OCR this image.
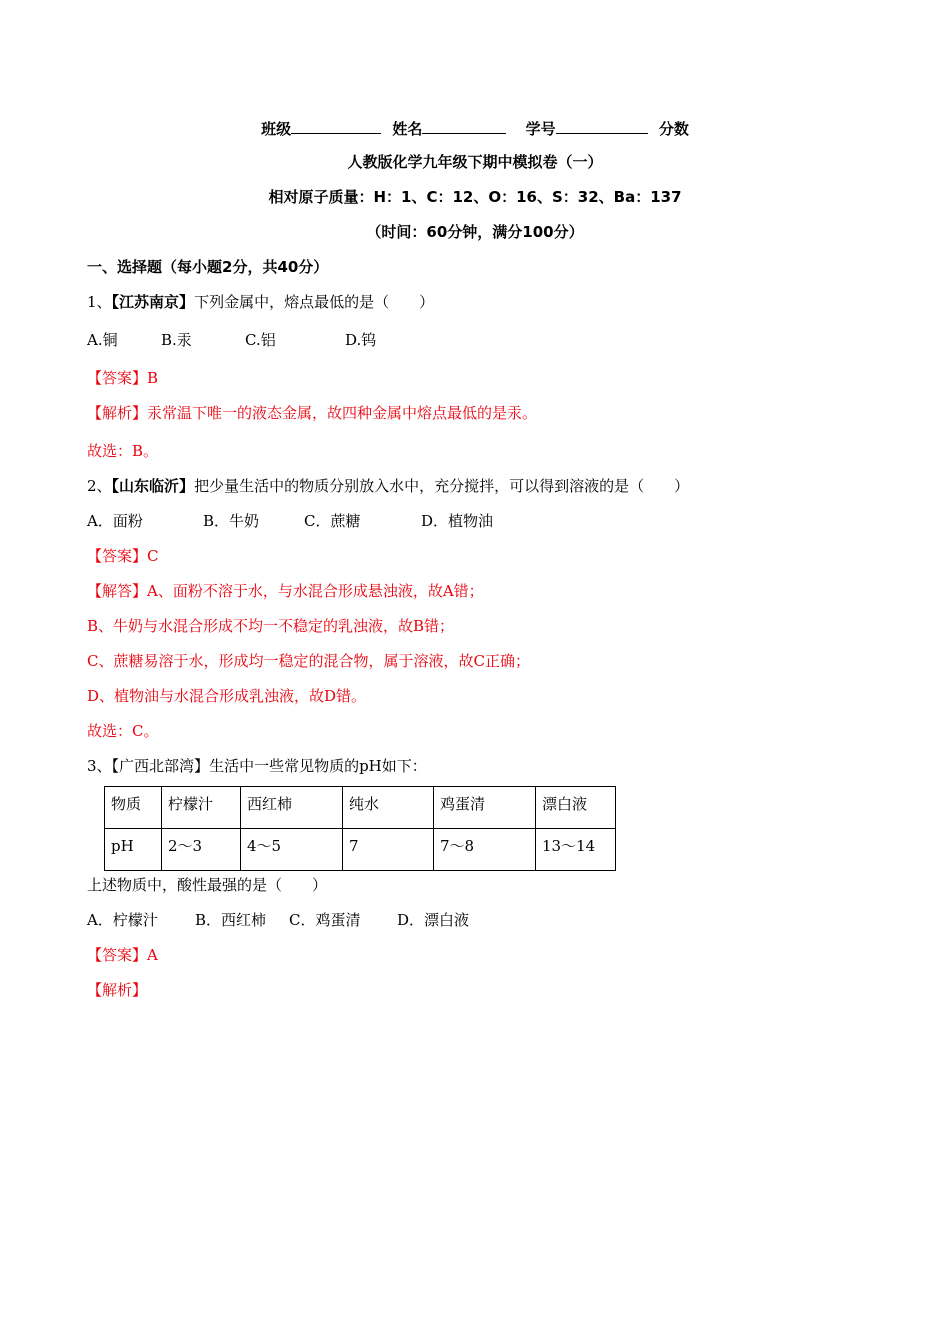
班级	姓名	学号	分数
人教版化学九年级下期中模拟卷（一）
相对原子质量：H：1、C：12、O：16、S：32、Ba：137
（时间：60分钟，满分100分）
一、选择题（每小题2分，共40分）
1、【江苏南京】下列金属中，熔点最低的是（　　）
A.铜	B.汞	C.铝	D.钨
【答案】B
【解析】汞常温下唯一的液态金属，故四种金属中熔点最低的是汞。
故选：B。
2、【山东临沂】把少量生活中的物质分别放入水中，充分搅拌，可以得到溶液的是（　　）
A．面粉	B．牛奶	C．蔗糖	D．植物油
【答案】C
【解答】A、面粉不溶于水，与水混合形成悬浊液，故A错；
B、牛奶与水混合形成不均一不稳定的乳浊液，故B错；
C、蔗糖易溶于水，形成均一稳定的混合物，属于溶液，故C正确；
D、植物油与水混合形成乳浊液，故D错。
故选：C。
3、【广西北部湾】生活中一些常见物质的pH如下：
物质	柠檬汁	西红柿	纯水	鸡蛋清	漂白液
pH	2～3	4～5	7	7～8	13～14
上述物质中，酸性最强的是（　　）
A．柠檬汁 B．西红柿 C．鸡蛋清 D．漂白液
【答案】A
【解析】
